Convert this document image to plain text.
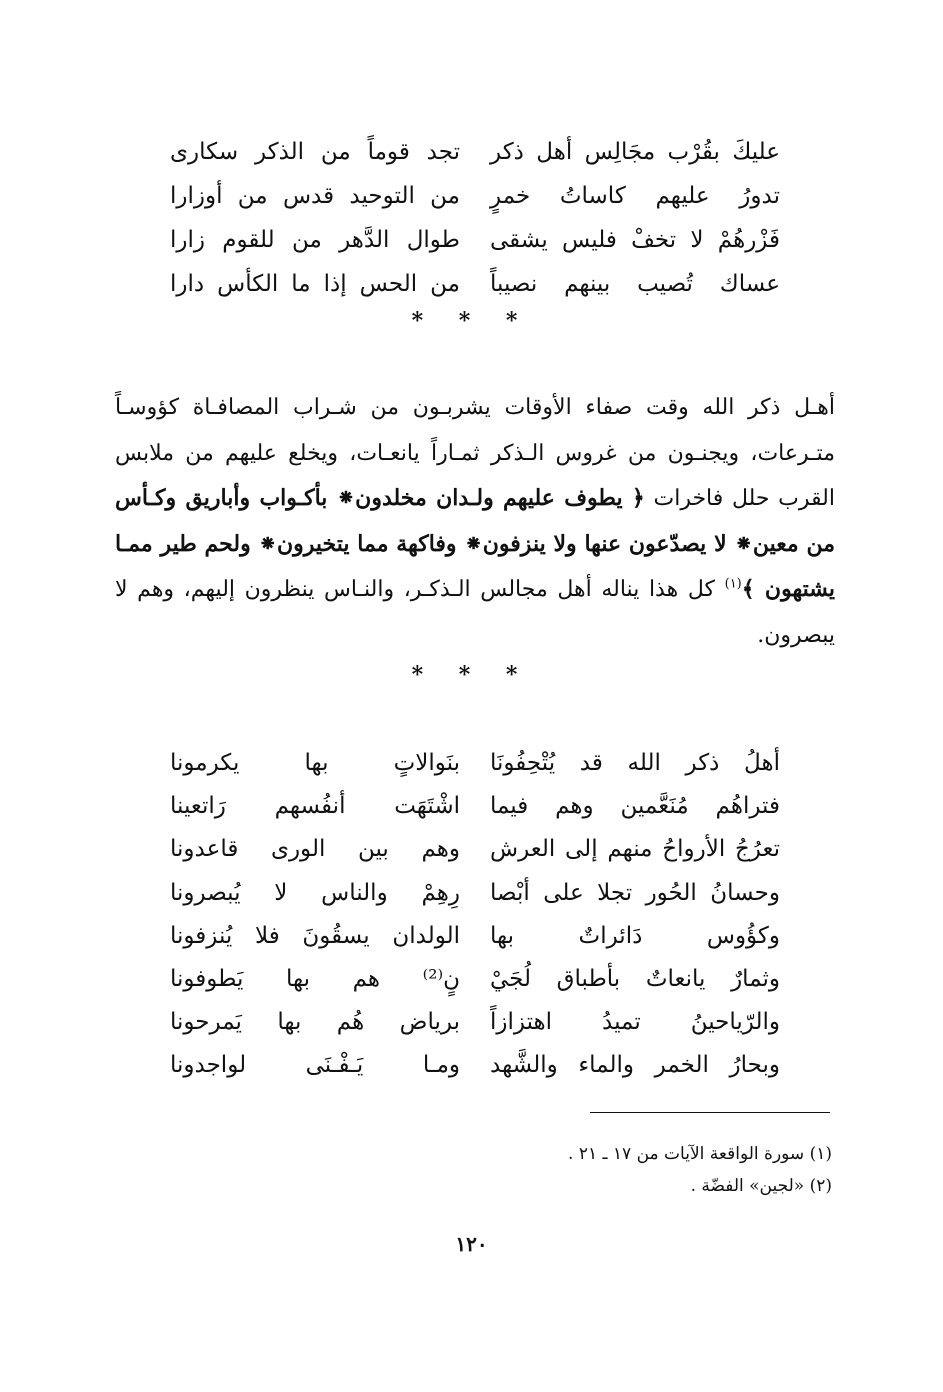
عليكَ بقُرْب مجَالِس أهل ذكر
تجد قوماً من الذكر سكارى
تدورُ عليهم كاساتُ خمرٍ
من التوحيد قدس من أوزارا
فَزْرهُمْ لا تخفْ فليس يشقى
طوال الدَّهر من للقوم زارا
عساك تُصيب بينهم نصيباً
من الحس إذا ما الكأس دارا
* * *
أهـل ذكر الله وقت صفاء الأوقات يشربـون من شـراب المصافـاة كؤوسـاً متـرعات، ويجنـون من غروس الـذكر ثمـاراً يانعـات، ويخلع عليهم من ملابس القرب حلل فاخرات ﴿ يطوف عليهم ولـدان مخلدون⁕ بأكـواب وأباريق وكـأس من معين⁕ لا يصدّعون عنها ولا ينزفون⁕ وفاكهة مما يتخيرون⁕ ولحم طير ممـا يشتهون ﴾$^{(١)}$ كل هذا يناله أهل مجالس الـذكـر، والنـاس ينظرون إليهم، وهم لا يبصرون.
* * *
أهلُ ذكر الله قد يُتْحِفُونَا
بنَوالاتٍ بها يكرمونا
فتراهُم مُنَعَّمين وهم فيما
اشْتَهَت أنفُسهم رَاتعينا
تعرُجُ الأرواحُ منهم إلى العرش
وهم بين الورى قاعدونا
وحسانُ الحُور تجلا على أبْصا
رِهِمْ والناس لا يُبصرونا
وكؤُوس دَائراتٌ بها
الولدان يسقُونَ فلا يُنزفونا
وثمارٌ يانعاتٌ بأطباق لُجَيْ
نٍ⁽²⁾ هم بها يَطوفونا
والرّياحينُ تميدُ اهتزازاً
برياض هُم بها يَمرحونا
وبحارُ الخمر والماء والشَّهد
ومـا يَـفْـنَى لواجدونا
(١) سورة الواقعة الآيات من ١٧ ـ ٢١ .
(٢) «لجين» الفضّة .
١٢٠
